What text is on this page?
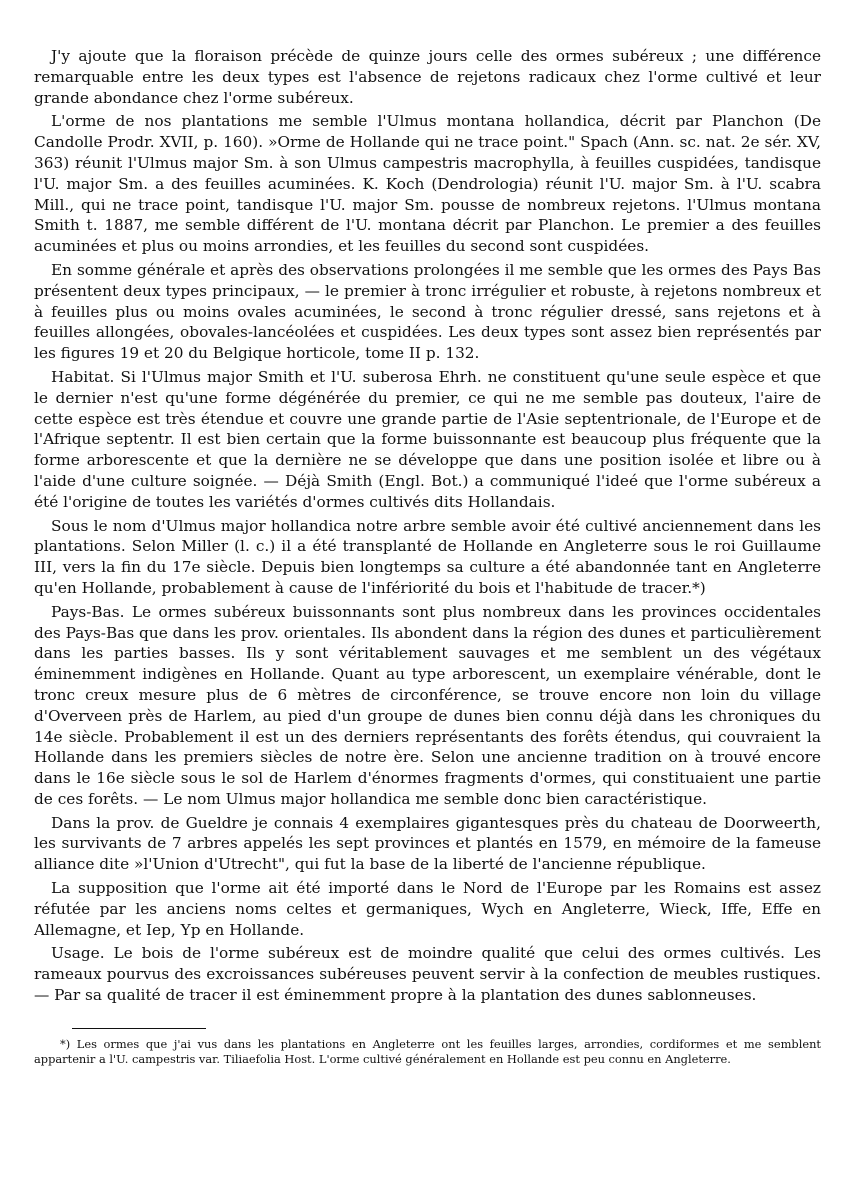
J'y ajoute que la floraison précède de quinze jours celle des ormes subéreux ; une différence remarquable entre les deux types est l'absence de rejetons radicaux chez l'orme cultivé et leur grande abondance chez l'orme subéreux.

L'orme de nos plantations me semble l'Ulmus montana hollandica, décrit par Planchon (De Candolle Prodr. XVII, p. 160). »Orme de Hollande qui ne trace point." Spach (Ann. sc. nat. 2e sér. XV, 363) réunit l'Ulmus major Sm. à son Ulmus campestris macrophylla, à feuilles cuspidées, tandisque l'U. major Sm. a des feuilles acuminées. K. Koch (Dendrologia) réunit l'U. major Sm. à l'U. scabra Mill., qui ne trace point, tandisque l'U. major Sm. pousse de nombreux rejetons. l'Ulmus montana Smith t. 1887, me semble différent de l'U. montana décrit par Planchon. Le premier a des feuilles acuminées et plus ou moins arrondies, et les feuilles du second sont cuspidées.

En somme générale et après des observations prolongées il me semble que les ormes des Pays Bas présentent deux types principaux, — le premier à tronc irrégulier et robuste, à rejetons nombreux et à feuilles plus ou moins ovales acuminées, le second à tronc régulier dressé, sans rejetons et à feuilles allongées, obovales-lancéolées et cuspidées. Les deux types sont assez bien représentés par les figures 19 et 20 du Belgique horticole, tome II p. 132.

Habitat. Si l'Ulmus major Smith et l'U. suberosa Ehrh. ne constituent qu'une seule espèce et que le dernier n'est qu'une forme dégénérée du premier, ce qui ne me semble pas douteux, l'aire de cette espèce est très étendue et couvre une grande partie de l'Asie septentrionale, de l'Europe et de l'Afrique septentr. Il est bien certain que la forme buissonnante est beaucoup plus fréquente que la forme arborescente et que la dernière ne se développe que dans une position isolée et libre ou à l'aide d'une culture soignée. — Déjà Smith (Engl. Bot.) a communiqué l'ideé que l'orme subéreux a été l'origine de toutes les variétés d'ormes cultivés dits Hollandais.

Sous le nom d'Ulmus major hollandica notre arbre semble avoir été cultivé anciennement dans les plantations. Selon Miller (l. c.) il a été transplanté de Hollande en Angleterre sous le roi Guillaume III, vers la fin du 17e siècle. Depuis bien longtemps sa culture a été abandonnée tant en Angleterre qu'en Hollande, probablement à cause de l'infériorité du bois et l'habitude de tracer.*)

Pays-Bas. Le ormes subéreux buissonnants sont plus nombreux dans les provinces occidentales des Pays-Bas que dans les prov. orientales. Ils abondent dans la région des dunes et particulièrement dans les parties basses. Ils y sont véritablement sauvages et me semblent un des végétaux éminemment indigènes en Hollande. Quant au type arborescent, un exemplaire vénérable, dont le tronc creux mesure plus de 6 mètres de circonférence, se trouve encore non loin du village d'Overveen près de Harlem, au pied d'un groupe de dunes bien connu déjà dans les chroniques du 14e siècle. Probablement il est un des derniers représentants des forêts étendus, qui couvraient la Hollande dans les premiers siècles de notre ère. Selon une ancienne tradition on à trouvé encore dans le 16e siècle sous le sol de Harlem d'énormes fragments d'ormes, qui constituaient une partie de ces forêts. — Le nom Ulmus major hollandica me semble donc bien caractéristique.

Dans la prov. de Gueldre je connais 4 exemplaires gigantesques près du chateau de Doorweerth, les survivants de 7 arbres appelés les sept provinces et plantés en 1579, en mémoire de la fameuse alliance dite »l'Union d'Utrecht", qui fut la base de la liberté de l'ancienne république.

La supposition que l'orme ait été importé dans le Nord de l'Europe par les Romains est assez réfutée par les anciens noms celtes et germaniques, Wych en Angleterre, Wieck, Iffe, Effe en Allemagne, et Iep, Yp en Hollande.

Usage. Le bois de l'orme subéreux est de moindre qualité que celui des ormes cultivés. Les rameaux pourvus des excroissances subéreuses peuvent servir à la confection de meubles rustiques. — Par sa qualité de tracer il est éminemment propre à la plantation des dunes sablonneuses.

*) Les ormes que j'ai vus dans les plantations en Angleterre ont les feuilles larges, arrondies, cordiformes et me semblent appartenir a l'U. campestris var. Tiliaefolia Host. L'orme cultivé généralement en Hollande est peu connu en Angleterre.
